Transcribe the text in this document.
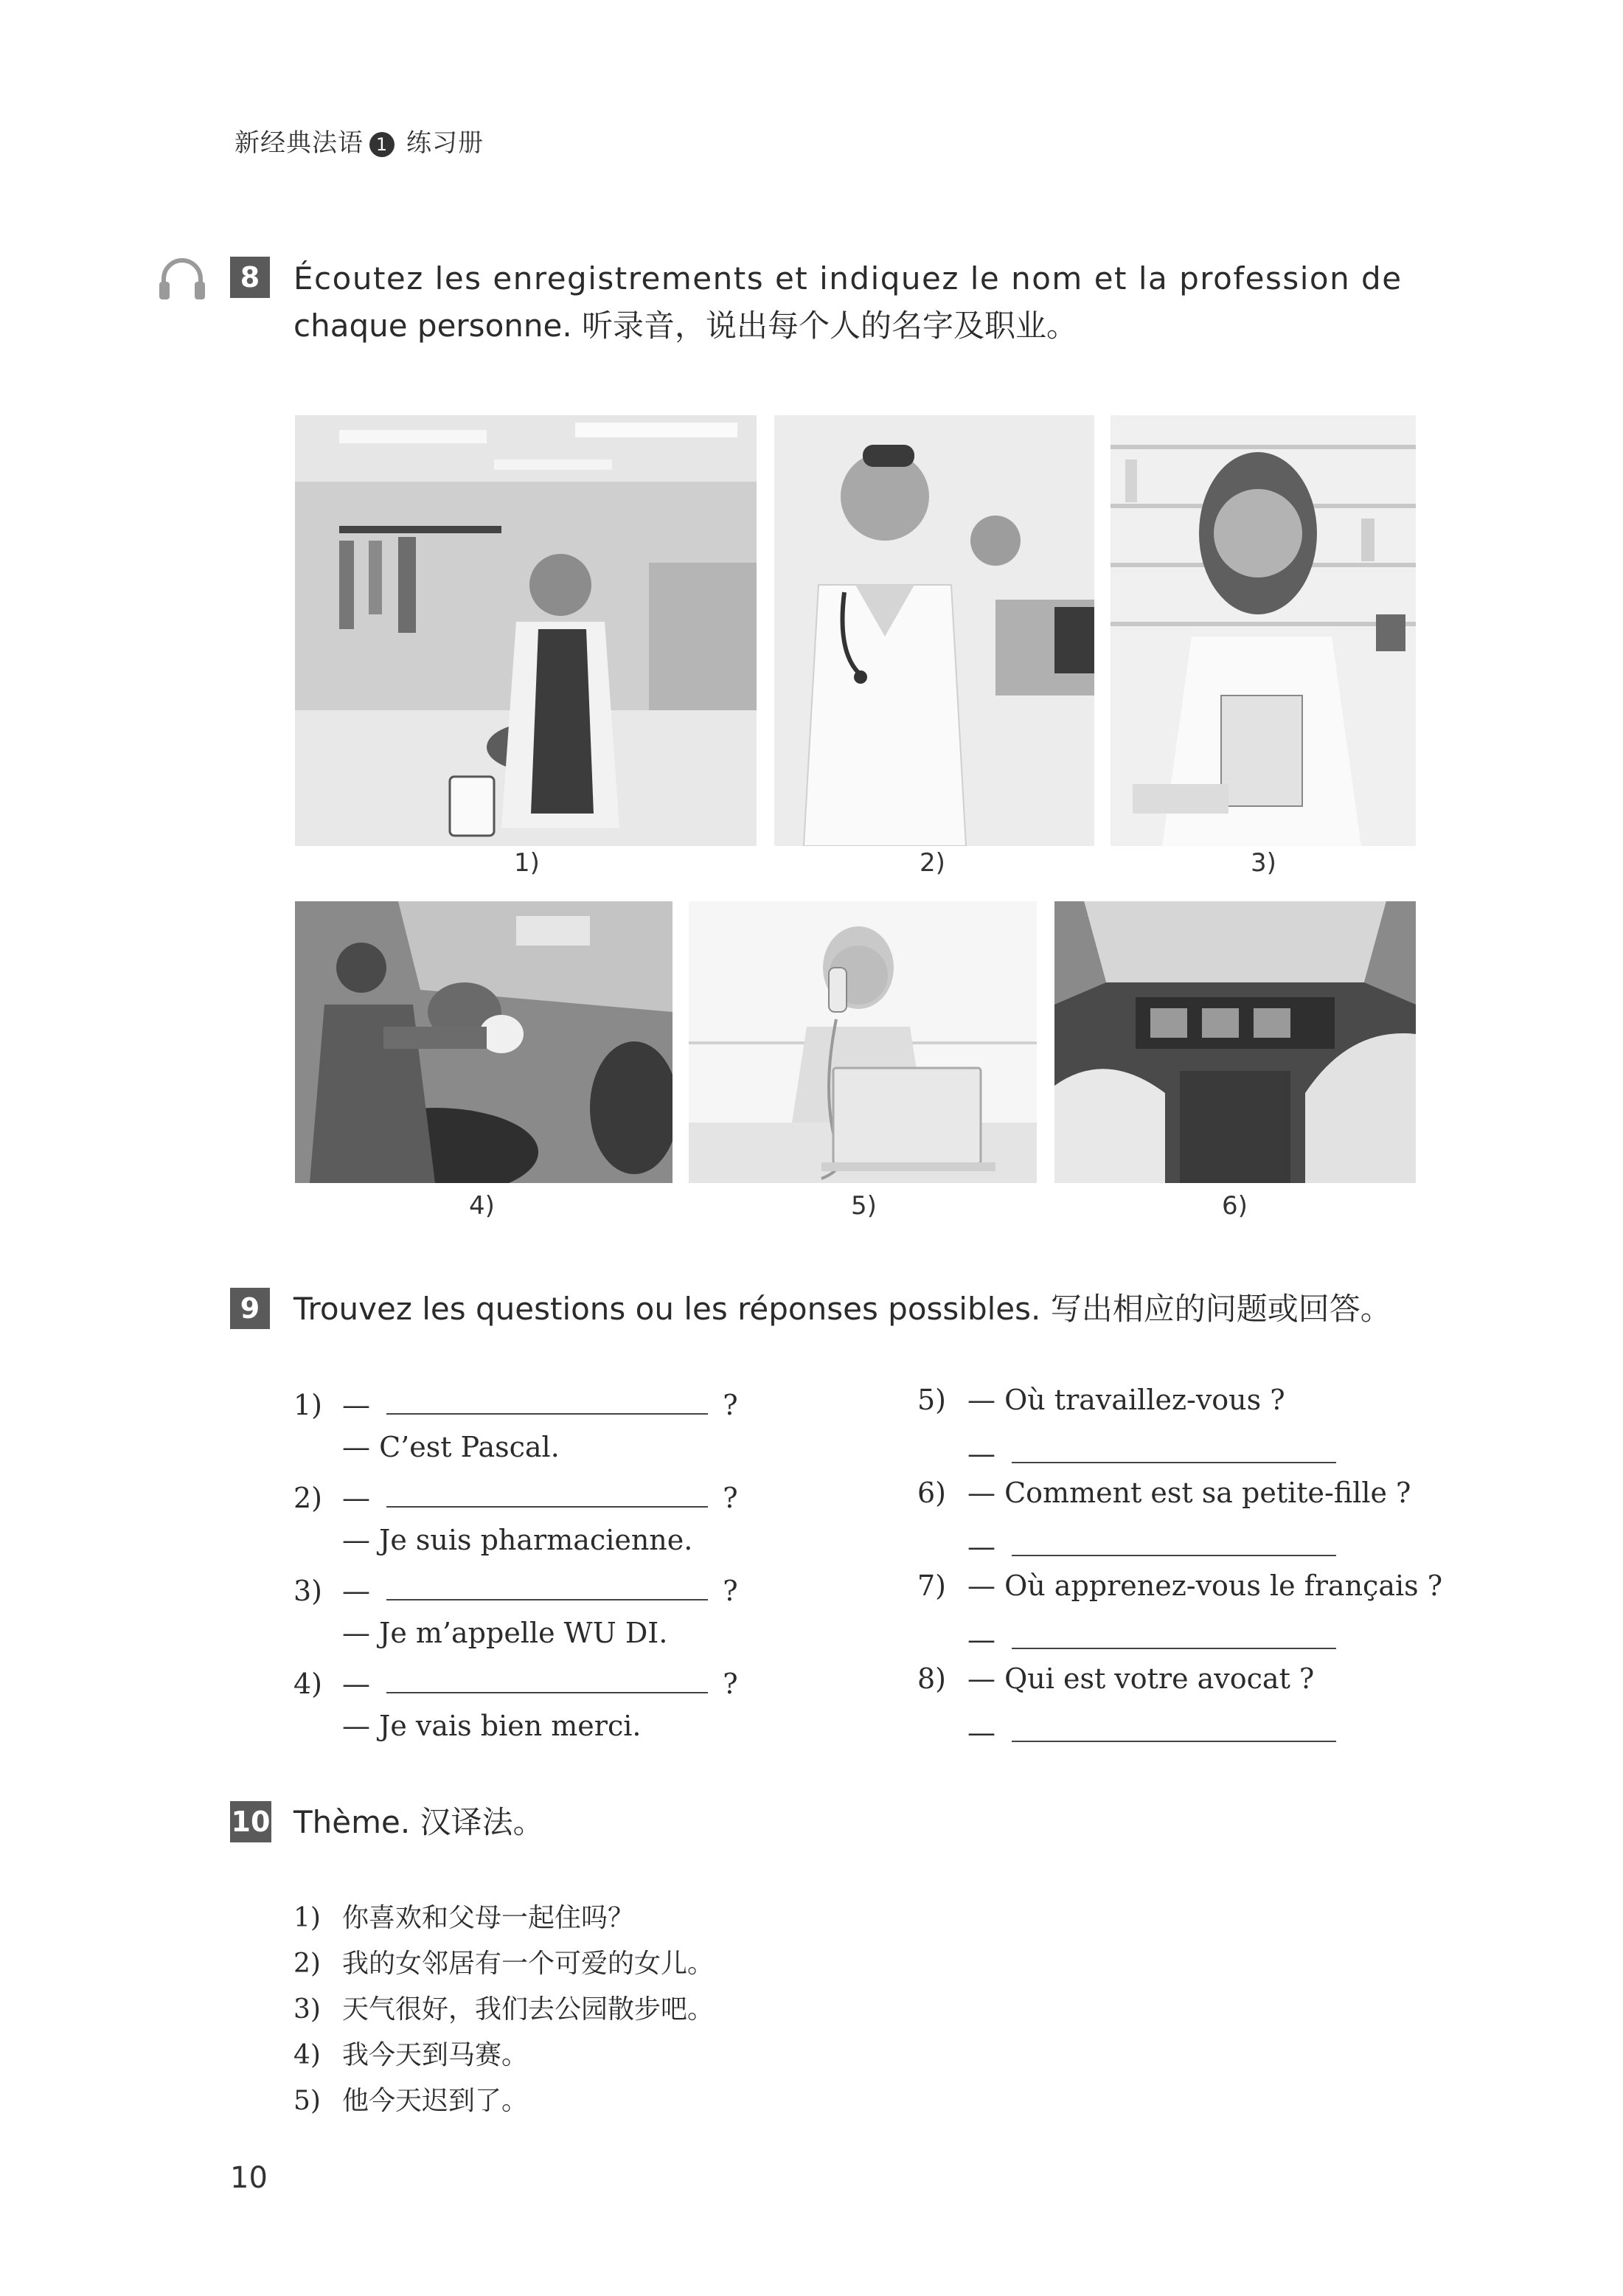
新经典法语 1 练习册
8	Écoutez les enregistrements et indiquez le nom et la profession de
chaque personne. 听录音，说出每个人的名字及职业。
1)	2)	3)
4)	5)	6)
9	Trouvez les questions ou les réponses possibles. 写出相应的问题或回答。
1) —	?
— C’est Pascal.
2) —	?
— Je suis pharmacienne.
3) —	?
— Je m’appelle WU DI.
4) —	?
— Je vais bien merci.
5) — Où travaillez-vous ?
—
6) — Comment est sa petite-fille ?
—
7) — Où apprenez-vous le français ?
—
8) — Qui est votre avocat ?
—
10 Thème. 汉译法。
1) 你喜欢和父母一起住吗？
2) 我的女邻居有一个可爱的女儿。
3) 天气很好，我们去公园散步吧。
4) 我今天到马赛。
5) 他今天迟到了。
10
